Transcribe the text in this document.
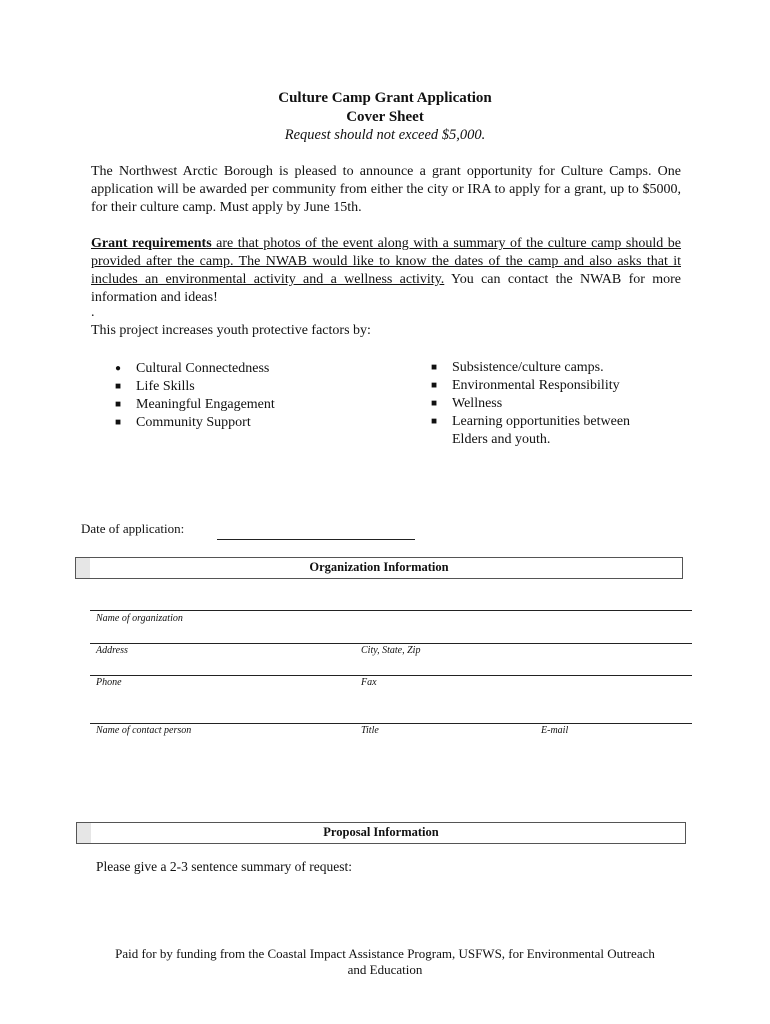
Culture Camp Grant Application
Cover Sheet
Request should not exceed $5,000.
The Northwest Arctic Borough is pleased to announce a grant opportunity for Culture Camps. One application will be awarded per community from either the city or IRA to apply for a grant, up to $5000, for their culture camp. Must apply by June 15th.
Grant requirements are that photos of the event along with a summary of the culture camp should be provided after the camp. The NWAB would like to know the dates of the camp and also asks that it includes an environmental activity and a wellness activity. You can contact the NWAB for more information and ideas!
.
This project increases youth protective factors by:
● Cultural Connectedness
■ Life Skills
■ Meaningful Engagement
■ Community Support
■ Subsistence/culture camps.
■ Environmental Responsibility
■ Wellness
■ Learning opportunities between Elders and youth.
Date of application:
Organization Information
Name of organization
Address	City, State, Zip
Phone	Fax
Name of contact person	Title	E-mail
Proposal Information
Please give a 2-3 sentence summary of request:
Paid for by funding from the Coastal Impact Assistance Program, USFWS, for Environmental Outreach
and Education
